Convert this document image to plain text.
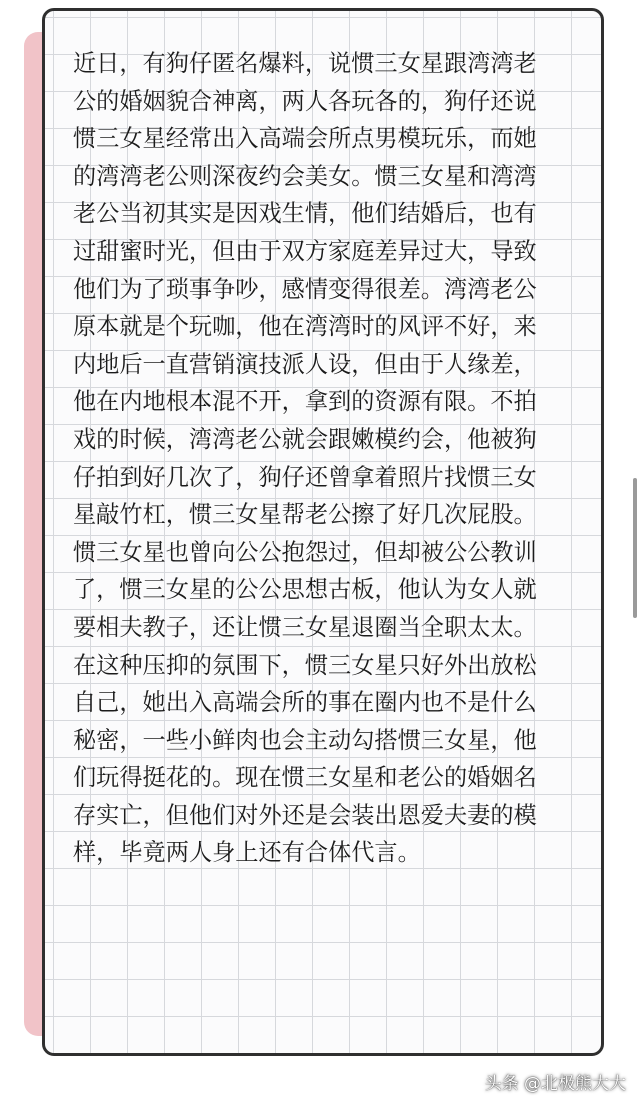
近日，有狗仔匿名爆料，说惯三女星跟湾湾老
公的婚姻貌合神离，两人各玩各的，狗仔还说
惯三女星经常出入高端会所点男模玩乐，而她
的湾湾老公则深夜约会美女。惯三女星和湾湾
老公当初其实是因戏生情，他们结婚后，也有
过甜蜜时光，但由于双方家庭差异过大，导致
他们为了琐事争吵，感情变得很差。湾湾老公
原本就是个玩咖，他在湾湾时的风评不好，来
内地后一直营销演技派人设，但由于人缘差，
他在内地根本混不开，拿到的资源有限。不拍
戏的时候，湾湾老公就会跟嫩模约会，他被狗
仔拍到好几次了，狗仔还曾拿着照片找惯三女
星敲竹杠，惯三女星帮老公擦了好几次屁股。
惯三女星也曾向公公抱怨过，但却被公公教训
了，惯三女星的公公思想古板，他认为女人就
要相夫教子，还让惯三女星退圈当全职太太。
在这种压抑的氛围下，惯三女星只好外出放松
自己，她出入高端会所的事在圈内也不是什么
秘密，一些小鲜肉也会主动勾搭惯三女星，他
们玩得挺花的。现在惯三女星和老公的婚姻名
存实亡，但他们对外还是会装出恩爱夫妻的模
样，毕竟两人身上还有合体代言。

头条 @北极熊大大
